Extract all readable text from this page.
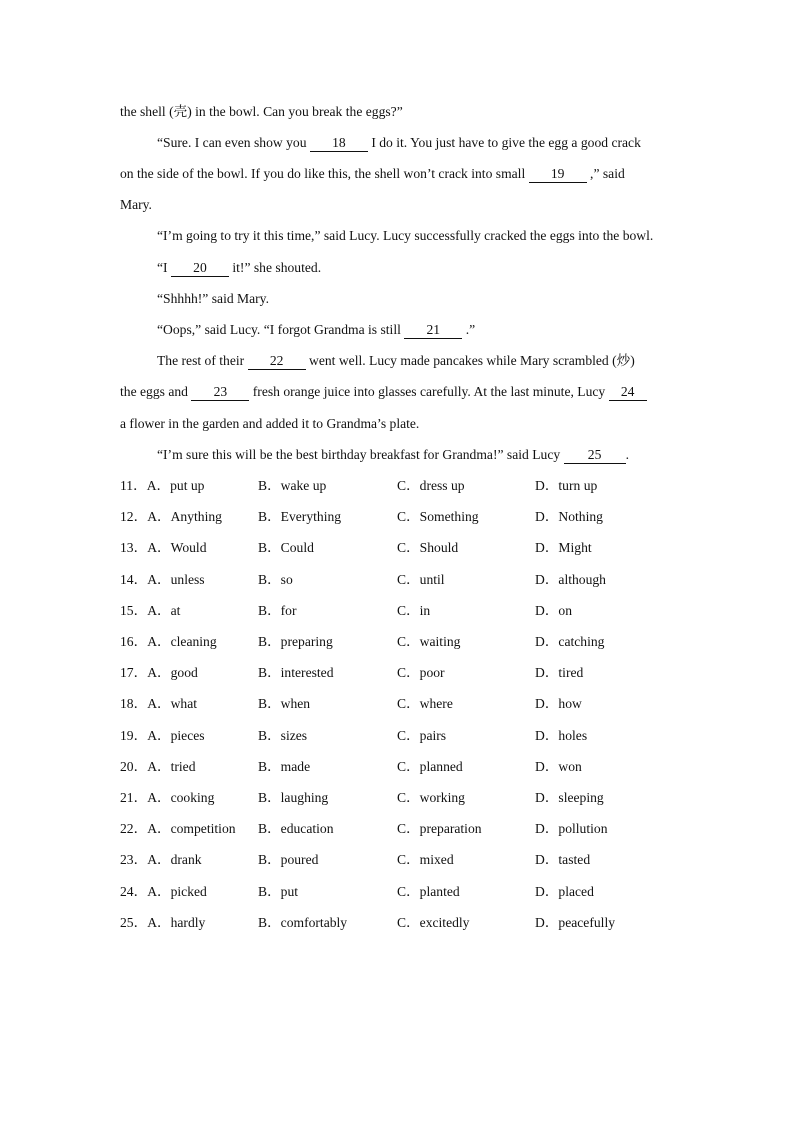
the shell (壳) in the bowl. Can you break the eggs?”
“Sure. I can even show you 18 I do it. You just have to give the egg a good crack
on the side of the bowl. If you do like this, the shell won’t crack into small 19 ,” said
Mary.
“I’m going to try it this time,” said Lucy. Lucy successfully cracked the eggs into the bowl.
“I 20 it!” she shouted.
“Shhhh!” said Mary.
“Oops,” said Lucy. “I forgot Grandma is still 21 .”
The rest of their 22 went well. Lucy made pancakes while Mary scrambled (炒)
the eggs and 23 fresh orange juice into glasses carefully. At the last minute, Lucy 24
a flower in the garden and added it to Grandma’s plate.
“I’m sure this will be the best birthday breakfast for Grandma!” said Lucy 25 .
11．A．put up	B．wake up	C．dress up	D．turn up
12．A．Anything	B．Everything	C．Something	D．Nothing
13．A．Would	B．Could	C．Should	D．Might
14．A．unless	B．so	C．until	D．although
15．A．at	B．for	C．in	D．on
16．A．cleaning	B．preparing	C．waiting	D．catching
17．A．good	B．interested	C．poor	D．tired
18．A．what	B．when	C．where	D．how
19．A．pieces	B．sizes	C．pairs	D．holes
20．A．tried	B．made	C．planned	D．won
21．A．cooking	B．laughing	C．working	D．sleeping
22．A．competition B．education	C．preparation	D．pollution
23．A．drank	B．poured	C．mixed	D．tasted
24．A．picked	B．put	C．planted	D．placed
25．A．hardly	B．comfortably	C．excitedly	D．peacefully
